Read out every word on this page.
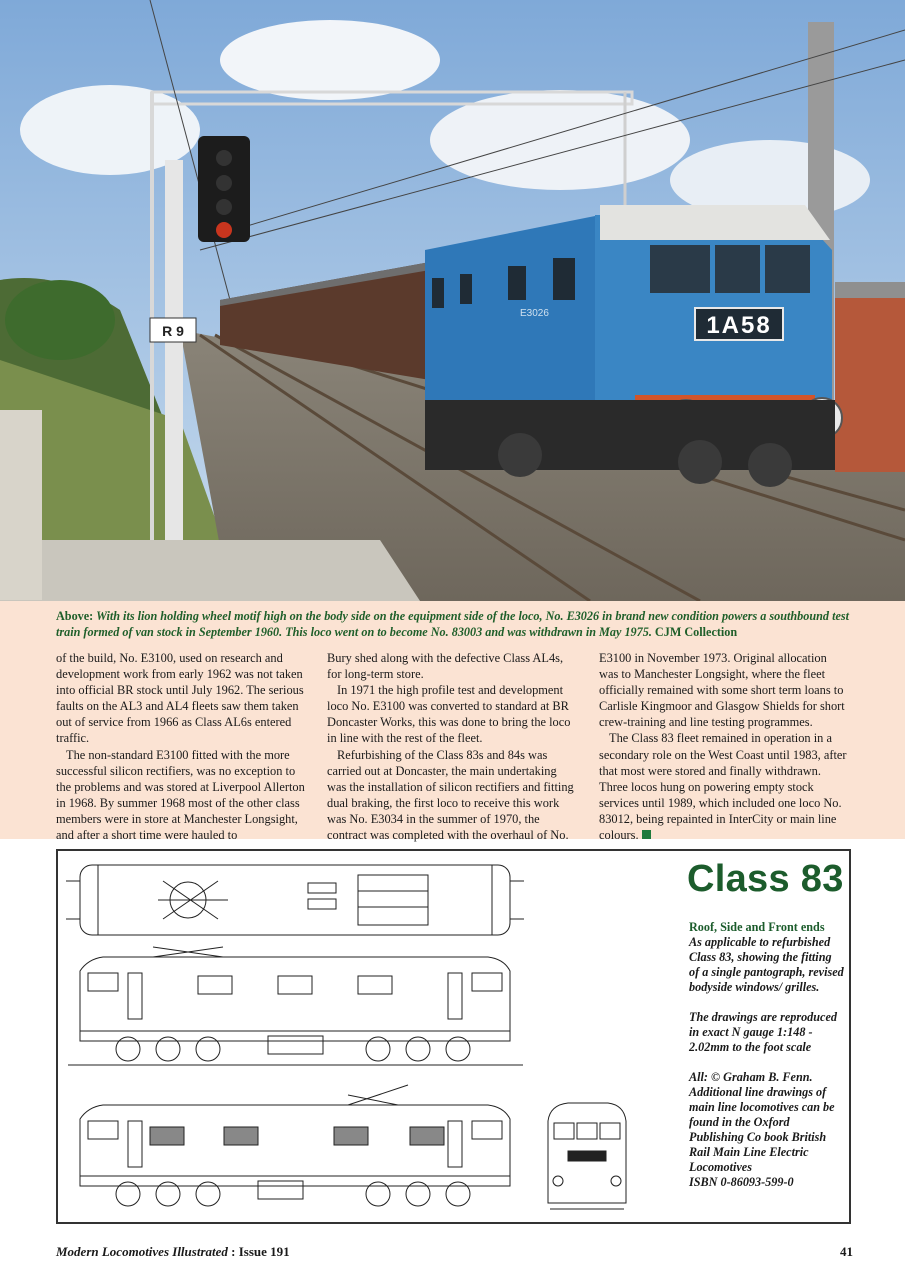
R 9	1A58
E3026
Above: With its lion holding wheel motif high on the body side on the equipment side of the loco, No. E3026 in brand new condition powers a southbound test train formed of van stock in September 1960. This loco went on to become No. 83003 and was withdrawn in May 1975. CJM Collection

of the build, No. E3100, used on research and development work from early 1962 was not taken into official BR stock until July 1962. The serious faults on the AL3 and AL4 fleets saw them taken out of service from 1966 as Class AL6s entered traffic.

The non-standard E3100 fitted with the more successful silicon rectifiers, was no exception to the problems and was stored at Liverpool Allerton in 1968. By summer 1968 most of the other class members were in store at Manchester Longsight, and after a short time were hauled to

Bury shed along with the defective Class AL4s, for long-term store.

In 1971 the high profile test and development loco No. E3100 was converted to standard at BR Doncaster Works, this was done to bring the loco in line with the rest of the fleet.

Refurbishing of the Class 83s and 84s was carried out at Doncaster, the main undertaking was the installation of silicon rectifiers and fitting dual braking, the first loco to receive this work was No. E3034 in the summer of 1970, the contract was completed with the overhaul of No.

E3100 in November 1973. Original allocation was to Manchester Longsight, where the fleet officially remained with some short term loans to Carlisle Kingmoor and Glasgow Shields for short crew-training and line testing programmes.

The Class 83 fleet remained in operation in a secondary role on the West Coast until 1983, after that most were stored and finally withdrawn. Three locos hung on powering empty stock services until 1989, which included one loco No. 83012, being repainted in InterCity or main line colours.

Class 83
Roof, Side and Front ends
As applicable to refurbished Class 83, showing the fitting of a single pantograph, revised bodyside windows/ grilles.
The drawings are reproduced in exact N gauge 1:148 - 2.02mm to the foot scale
All: © Graham B. Fenn. Additional line drawings of main line locomotives can be found in the Oxford Publishing Co book British Rail Main Line Electric Locomotives
ISBN 0-86093-599-0
Modern Locomotives Illustrated : Issue 191	41
